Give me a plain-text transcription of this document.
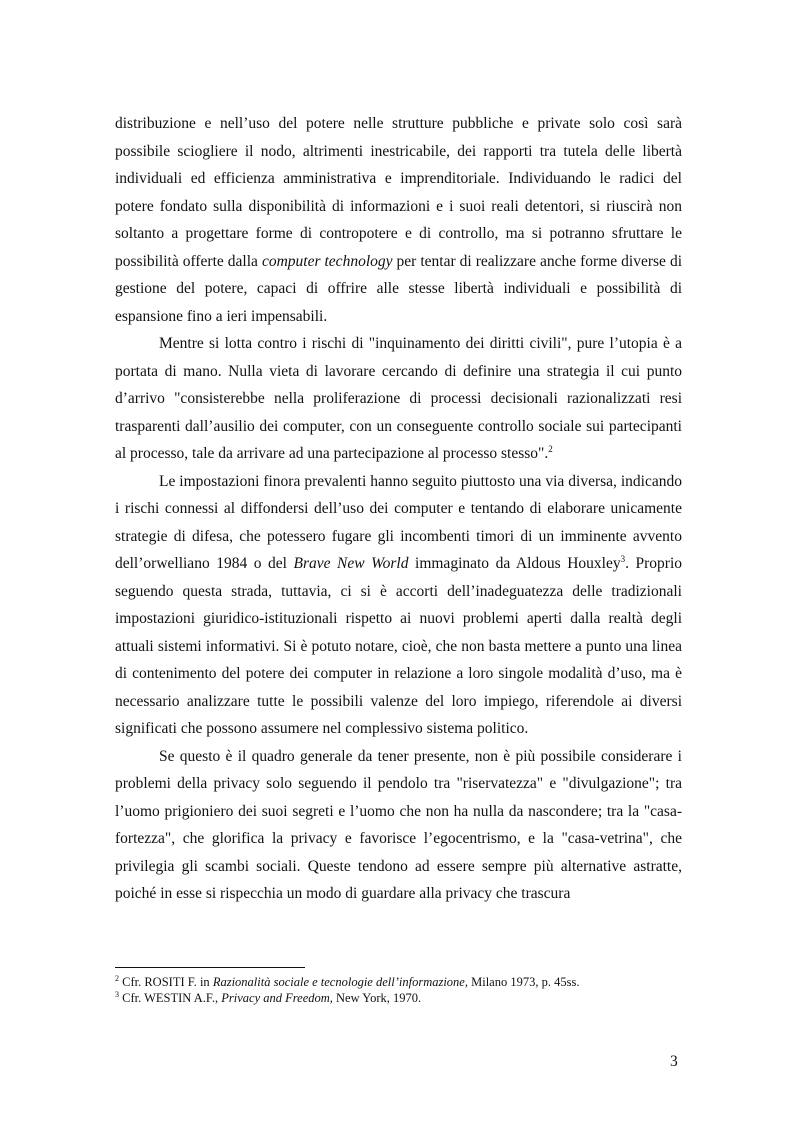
distribuzione e nell’uso del potere nelle strutture pubbliche e private solo così sarà possibile sciogliere il nodo, altrimenti inestricabile, dei rapporti tra tutela delle libertà individuali ed efficienza amministrativa e imprenditoriale. Individuando le radici del potere fondato sulla disponibilità di informazioni e i suoi reali detentori, si riuscirà non soltanto a progettare forme di contropotere e di controllo, ma si potranno sfruttare le possibilità offerte dalla computer technology per tentar di realizzare anche forme diverse di gestione del potere, capaci di offrire alle stesse libertà individuali e possibilità di espansione fino a ieri impensabili.

Mentre si lotta contro i rischi di "inquinamento dei diritti civili", pure l’utopia è a portata di mano. Nulla vieta di lavorare cercando di definire una strategia il cui punto d’arrivo "consisterebbe nella proliferazione di processi decisionali razionalizzati resi trasparenti dall’ausilio dei computer, con un conseguente controllo sociale sui partecipanti al processo, tale da arrivare ad una partecipazione al processo stesso".$^2$

Le impostazioni finora prevalenti hanno seguito piuttosto una via diversa, indicando i rischi connessi al diffondersi dell’uso dei computer e tentando di elaborare unicamente strategie di difesa, che potessero fugare gli incombenti timori di un imminente avvento dell’orwelliano 1984 o del Brave New World immaginato da Aldous Houxley$^3$. Proprio seguendo questa strada, tuttavia, ci si è accorti dell’inadeguatezza delle tradizionali impostazioni giuridico-istituzionali rispetto ai nuovi problemi aperti dalla realtà degli attuali sistemi informativi. Si è potuto notare, cioè, che non basta mettere a punto una linea di contenimento del potere dei computer in relazione a loro singole modalità d’uso, ma è necessario analizzare tutte le possibili valenze del loro impiego, riferendole ai diversi significati che possono assumere nel complessivo sistema politico.

Se questo è il quadro generale da tener presente, non è più possibile considerare i problemi della privacy solo seguendo il pendolo tra "riservatezza" e "divulgazione"; tra l’uomo prigioniero dei suoi segreti e l’uomo che non ha nulla da nascondere; tra la "casa-fortezza", che glorifica la privacy e favorisce l’egocentrismo, e la "casa-vetrina", che privilegia gli scambi sociali. Queste tendono ad essere sempre più alternative astratte, poiché in esse si rispecchia un modo di guardare alla privacy che trascura

$^2$ Cfr. ROSITI F. in Razionalità sociale e tecnologie dell’informazione, Milano 1973, p. 45ss.

$^3$ Cfr. WESTIN A.F., Privacy and Freedom, New York, 1970.

3
